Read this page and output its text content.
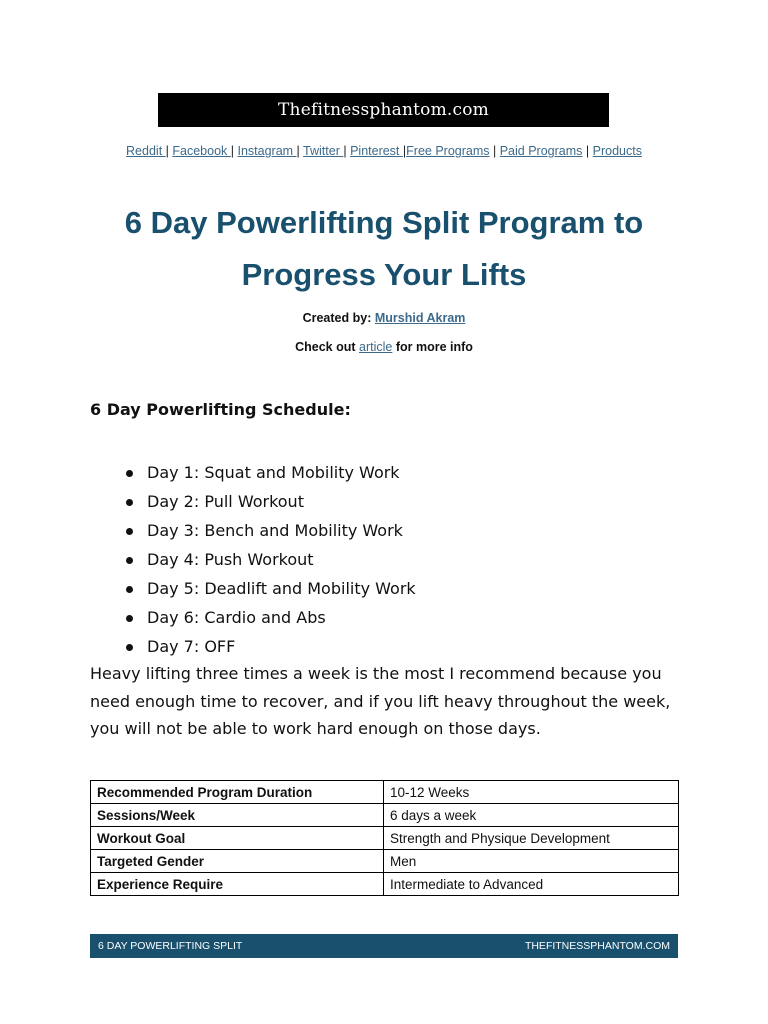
Thefitnessphantom.com
Reddit | Facebook | Instagram | Twitter | Pinterest |Free Programs | Paid Programs | Products
6 Day Powerlifting Split Program to
Progress Your Lifts
Created by: Murshid Akram
Check out article for more info
6 Day Powerlifting Schedule:
Day 1: Squat and Mobility Work
Day 2: Pull Workout
Day 3: Bench and Mobility Work
Day 4: Push Workout
Day 5: Deadlift and Mobility Work
Day 6: Cardio and Abs
Day 7: OFF

Heavy lifting three times a week is the most I recommend because you need enough time to recover, and if you lift heavy throughout the week, you will not be able to work hard enough on those days.

Recommended Program Duration	10-12 Weeks
Sessions/Week	6 days a week
Workout Goal	Strength and Physique Development
Targeted Gender	Men
Experience Require	Intermediate to Advanced
6 DAY POWERLIFTING SPLIT	THEFITNESSPHANTOM.COM
